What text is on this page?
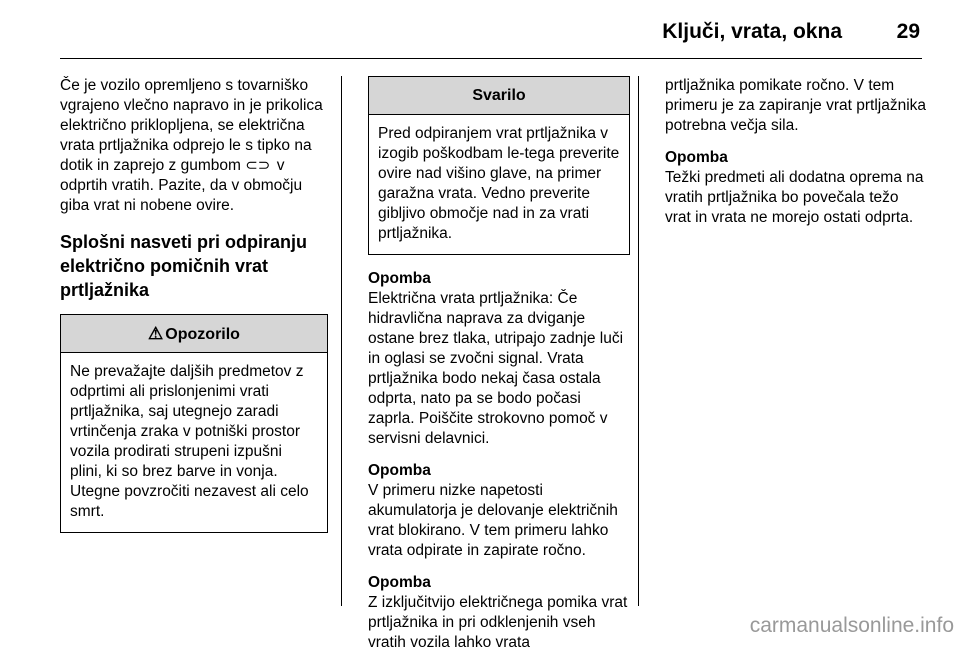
Ključi, vrata, okna	29

Če je vozilo opremljeno s tovarniško vgrajeno vlečno napravo in je prikolica električno priklopljena, se električna vrata prtljažnika odprejo le s tipko na dotik in zaprejo z gumbom ⊂⊃ v odprtih vratih. Pazite, da v območju giba vrat ni nobene ovire.

Splošni nasveti pri odpiranju električno pomičnih vrat prtljažnika
⚠ Opozorilo
Ne prevažajte daljših predmetov z odprtimi ali prislonjenimi vrati prtljažnika, saj utegnejo zaradi vrtinčenja zraka v potniški prostor vozila prodirati strupeni izpušni plini, ki so brez barve in vonja. Utegne povzročiti nezavest ali celo smrt.
Svarilo
Pred odpiranjem vrat prtljažnika v izogib poškodbam le-tega preverite ovire nad višino glave, na primer garažna vrata. Vedno preverite gibljivo območje nad in za vrati prtljažnika.
Opomba
Električna vrata prtljažnika: Če hidravlična naprava za dviganje ostane brez tlaka, utripajo zadnje luči in oglasi se zvočni signal. Vrata prtljažnika bodo nekaj časa ostala odprta, nato pa se bodo počasi zaprla. Poiščite strokovno pomoč v servisni delavnici.
Opomba
V primeru nizke napetosti akumulatorja je delovanje električnih vrat blokirano. V tem primeru lahko vrata odpirate in zapirate ročno.
Opomba
Z izključitvijo električnega pomika vrat prtljažnika in pri odklenjenih vseh vratih vozila lahko vrata

prtljažnika pomikate ročno. V tem primeru je za zapiranje vrat prtljažnika potrebna večja sila.

Opomba
Težki predmeti ali dodatna oprema na vratih prtljažnika bo povečala težo vrat in vrata ne morejo ostati odprta.
carmanualsonline.info
